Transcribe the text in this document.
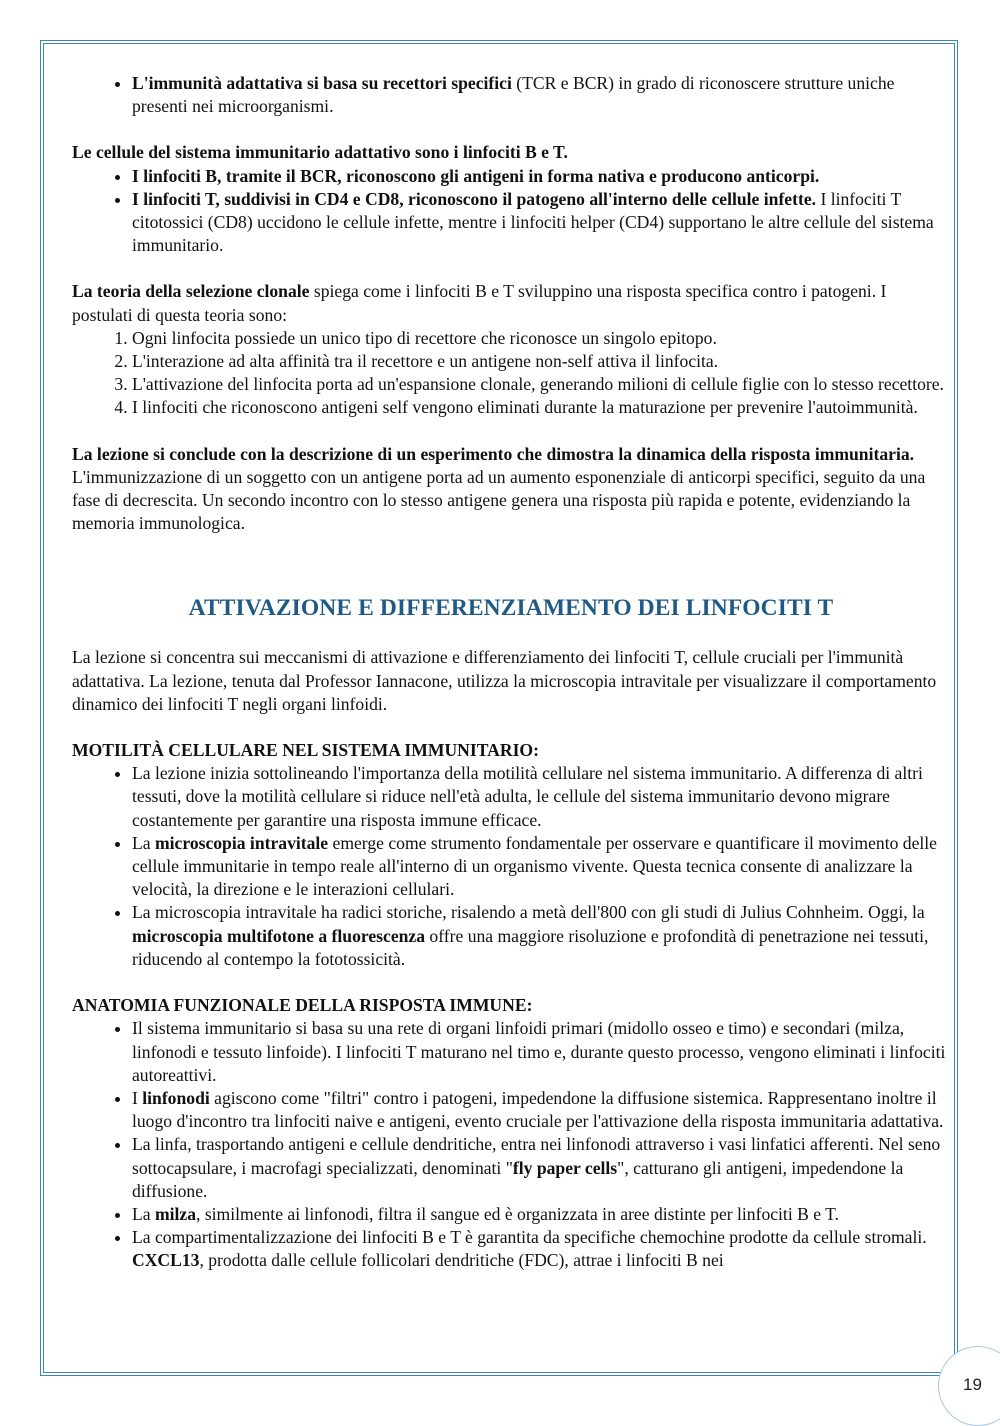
• L'immunità adattativa si basa su recettori specifici (TCR e BCR) in grado di riconoscere strutture uniche presenti nei microorganismi.

Le cellule del sistema immunitario adattativo sono i linfociti B e T.

• I linfociti B, tramite il BCR, riconoscono gli antigeni in forma nativa e producono anticorpi.
• I linfociti T, suddivisi in CD4 e CD8, riconoscono il patogeno all'interno delle cellule infette. I linfociti T citotossici (CD8) uccidono le cellule infette, mentre i linfociti helper (CD4) supportano le altre cellule del sistema immunitario.

La teoria della selezione clonale spiega come i linfociti B e T sviluppino una risposta specifica contro i patogeni. I postulati di questa teoria sono:

1. Ogni linfocita possiede un unico tipo di recettore che riconosce un singolo epitopo.
2. L'interazione ad alta affinità tra il recettore e un antigene non-self attiva il linfocita.
3. L'attivazione del linfocita porta ad un'espansione clonale, generando milioni di cellule figlie con lo stesso recettore.
4. I linfociti che riconoscono antigeni self vengono eliminati durante la maturazione per prevenire l'autoimmunità.

La lezione si conclude con la descrizione di un esperimento che dimostra la dinamica della risposta immunitaria. L'immunizzazione di un soggetto con un antigene porta ad un aumento esponenziale di anticorpi specifici, seguito da una fase di decrescita. Un secondo incontro con lo stesso antigene genera una risposta più rapida e potente, evidenziando la memoria immunologica.

ATTIVAZIONE E DIFFERENZIAMENTO DEI LINFOCITI T

La lezione si concentra sui meccanismi di attivazione e differenziamento dei linfociti T, cellule cruciali per l'immunità adattativa. La lezione, tenuta dal Professor Iannacone, utilizza la microscopia intravitale per visualizzare il comportamento dinamico dei linfociti T negli organi linfoidi.

MOTILITÀ CELLULARE NEL SISTEMA IMMUNITARIO:

• La lezione inizia sottolineando l'importanza della motilità cellulare nel sistema immunitario. A differenza di altri tessuti, dove la motilità cellulare si riduce nell'età adulta, le cellule del sistema immunitario devono migrare costantemente per garantire una risposta immune efficace.
• La microscopia intravitale emerge come strumento fondamentale per osservare e quantificare il movimento delle cellule immunitarie in tempo reale all'interno di un organismo vivente. Questa tecnica consente di analizzare la velocità, la direzione e le interazioni cellulari.
• La microscopia intravitale ha radici storiche, risalendo a metà dell'800 con gli studi di Julius Cohnheim. Oggi, la microscopia multifotone a fluorescenza offre una maggiore risoluzione e profondità di penetrazione nei tessuti, riducendo al contempo la fototossicità.

ANATOMIA FUNZIONALE DELLA RISPOSTA IMMUNE:

• Il sistema immunitario si basa su una rete di organi linfoidi primari (midollo osseo e timo) e secondari (milza, linfonodi e tessuto linfoide). I linfociti T maturano nel timo e, durante questo processo, vengono eliminati i linfociti autoreattivi.
• I linfonodi agiscono come "filtri" contro i patogeni, impedendone la diffusione sistemica. Rappresentano inoltre il luogo d'incontro tra linfociti naive e antigeni, evento cruciale per l'attivazione della risposta immunitaria adattativa.
• La linfa, trasportando antigeni e cellule dendritiche, entra nei linfonodi attraverso i vasi linfatici afferenti. Nel seno sottocapsulare, i macrofagi specializzati, denominati "fly paper cells", catturano gli antigeni, impedendone la diffusione.
• La milza, similmente ai linfonodi, filtra il sangue ed è organizzata in aree distinte per linfociti B e T.
• La compartimentalizzazione dei linfociti B e T è garantita da specifiche chemochine prodotte da cellule stromali. CXCL13, prodotta dalle cellule follicolari dendritiche (FDC), attrae i linfociti B nei
19
